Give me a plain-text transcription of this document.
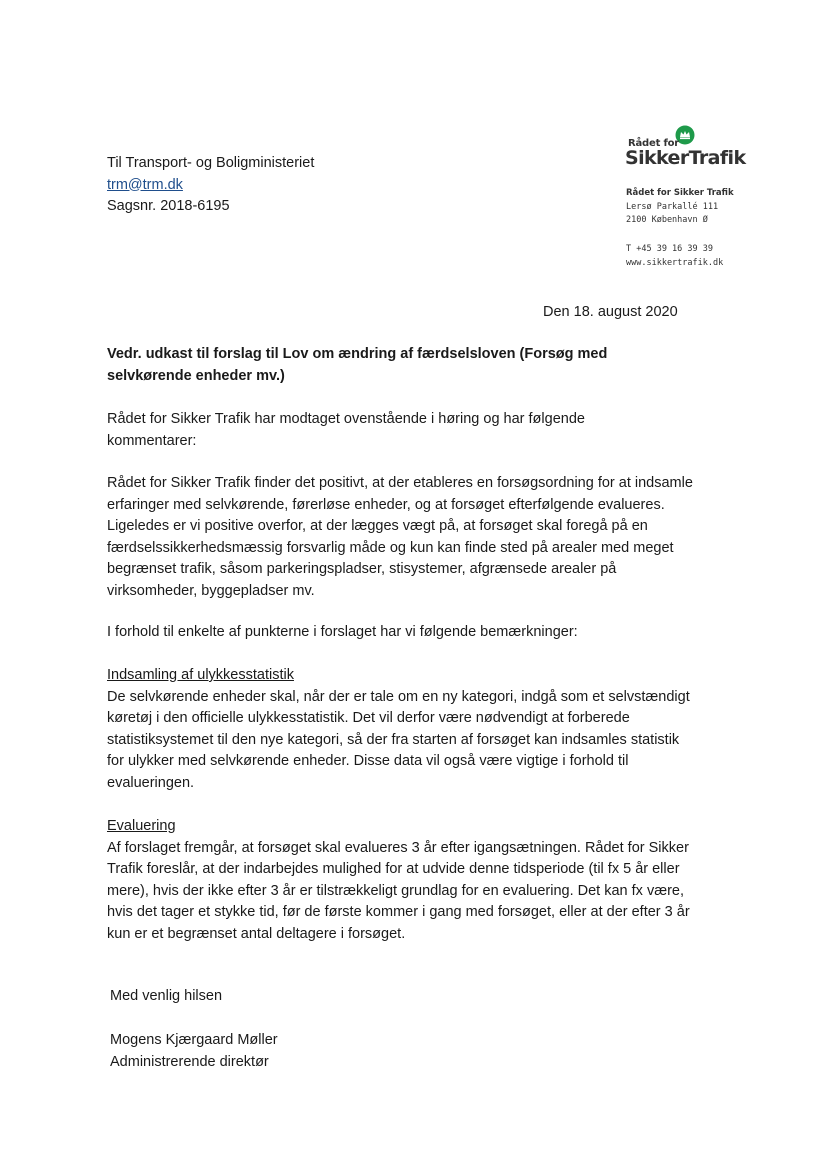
Til Transport- og Boligministeriet
trm@trm.dk
Sagsnr. 2018-6195
Rådet for
SikkerTrafik
Rådet for Sikker Trafik
Lersø Parkallé 111
2100 København Ø
T +45 39 16 39 39
www.sikkertrafik.dk
Den 18. august 2020
Vedr. udkast til forslag til Lov om ændring af færdselsloven (Forsøg med selvkørende enheder mv.)
Rådet for Sikker Trafik har modtaget ovenstående i høring og har følgende kommentarer:
Rådet for Sikker Trafik finder det positivt, at der etableres en forsøgsordning for at indsamle erfaringer med selvkørende, førerløse enheder, og at forsøget efterfølgende evalueres. Ligeledes er vi positive overfor, at der lægges vægt på, at forsøget skal foregå på en færdselssikkerhedsmæssig forsvarlig måde og kun kan finde sted på arealer med meget begrænset trafik, såsom parkeringspladser, stisystemer, afgrænsede arealer på virksomheder, byggepladser mv.
I forhold til enkelte af punkterne i forslaget har vi følgende bemærkninger:
Indsamling af ulykkesstatistik
De selvkørende enheder skal, når der er tale om en ny kategori, indgå som et selvstændigt køretøj i den officielle ulykkesstatistik. Det vil derfor være nødvendigt at forberede statistiksystemet til den nye kategori, så der fra starten af forsøget kan indsamles statistik for ulykker med selvkørende enheder. Disse data vil også være vigtige i forhold til evalueringen.
Evaluering
Af forslaget fremgår, at forsøget skal evalueres 3 år efter igangsætningen. Rådet for Sikker Trafik foreslår, at der indarbejdes mulighed for at udvide denne tidsperiode (til fx 5 år eller mere), hvis der ikke efter 3 år er tilstrækkeligt grundlag for en evaluering. Det kan fx være, hvis det tager et stykke tid, før de første kommer i gang med forsøget, eller at der efter 3 år kun er et begrænset antal deltagere i forsøget.
Med venlig hilsen
Mogens Kjærgaard Møller
Administrerende direktør
